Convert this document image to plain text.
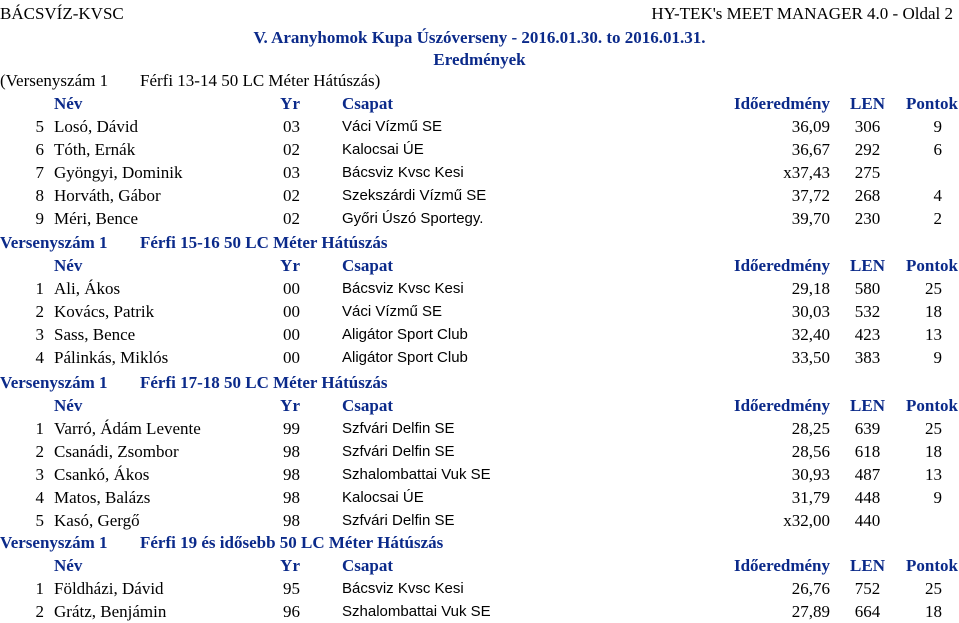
BÁCSVÍZ-KVSC	HY-TEK's MEET MANAGER 4.0 - Oldal 2
V. Aranyhomok Kupa Úszóverseny - 2016.01.30. to 2016.01.31.
Eredmények
(Versenyszám 1 Férfi 13-14 50 LC Méter Hátúszás)
Név	Yr Csapat	Időeredmény	LEN	Pontok
5 Losó, Dávid	03	Váci Vízmű SE	36,09	306	9
6 Tóth, Ernák	02	Kalocsai ÚE	36,67	292	6
7 Gyöngyi, Dominik	03	Bácsviz Kvsc Kesi	x37,43	275
8 Horváth, Gábor	02	Szekszárdi Vízmű SE	37,72	268	4
9 Méri, Bence	02	Győri Úszó Sportegy.	39,70	230	2
Versenyszám 1 Férfi 15-16 50 LC Méter Hátúszás
Név	Yr Csapat	Időeredmény	LEN	Pontok
1 Ali, Ákos	00	Bácsviz Kvsc Kesi	29,18	580	25
2 Kovács, Patrik	00	Váci Vízmű SE	30,03	532	18
3 Sass, Bence	00	Aligátor Sport Club	32,40	423	13
4 Pálinkás, Miklós	00	Aligátor Sport Club	33,50	383	9
Versenyszám 1 Férfi 17-18 50 LC Méter Hátúszás
Név	Yr Csapat	Időeredmény	LEN	Pontok
1 Varró, Ádám Levente	99	Szfvári Delfin SE	28,25	639	25
2 Csanádi, Zsombor	98	Szfvári Delfin SE	28,56	618	18
3 Csankó, Ákos	98	Szhalombattai Vuk SE	30,93	487	13
4 Matos, Balázs	98	Kalocsai ÚE	31,79	448	9
5 Kasó, Gergő	98	Szfvári Delfin SE	x32,00	440
Versenyszám 1 Férfi 19 és idősebb 50 LC Méter Hátúszás
Név	Yr Csapat	Időeredmény	LEN	Pontok
1 Földházi, Dávid	95	Bácsviz Kvsc Kesi	26,76	752	25
2 Grátz, Benjámin	96	Szhalombattai Vuk SE	27,89	664	18
